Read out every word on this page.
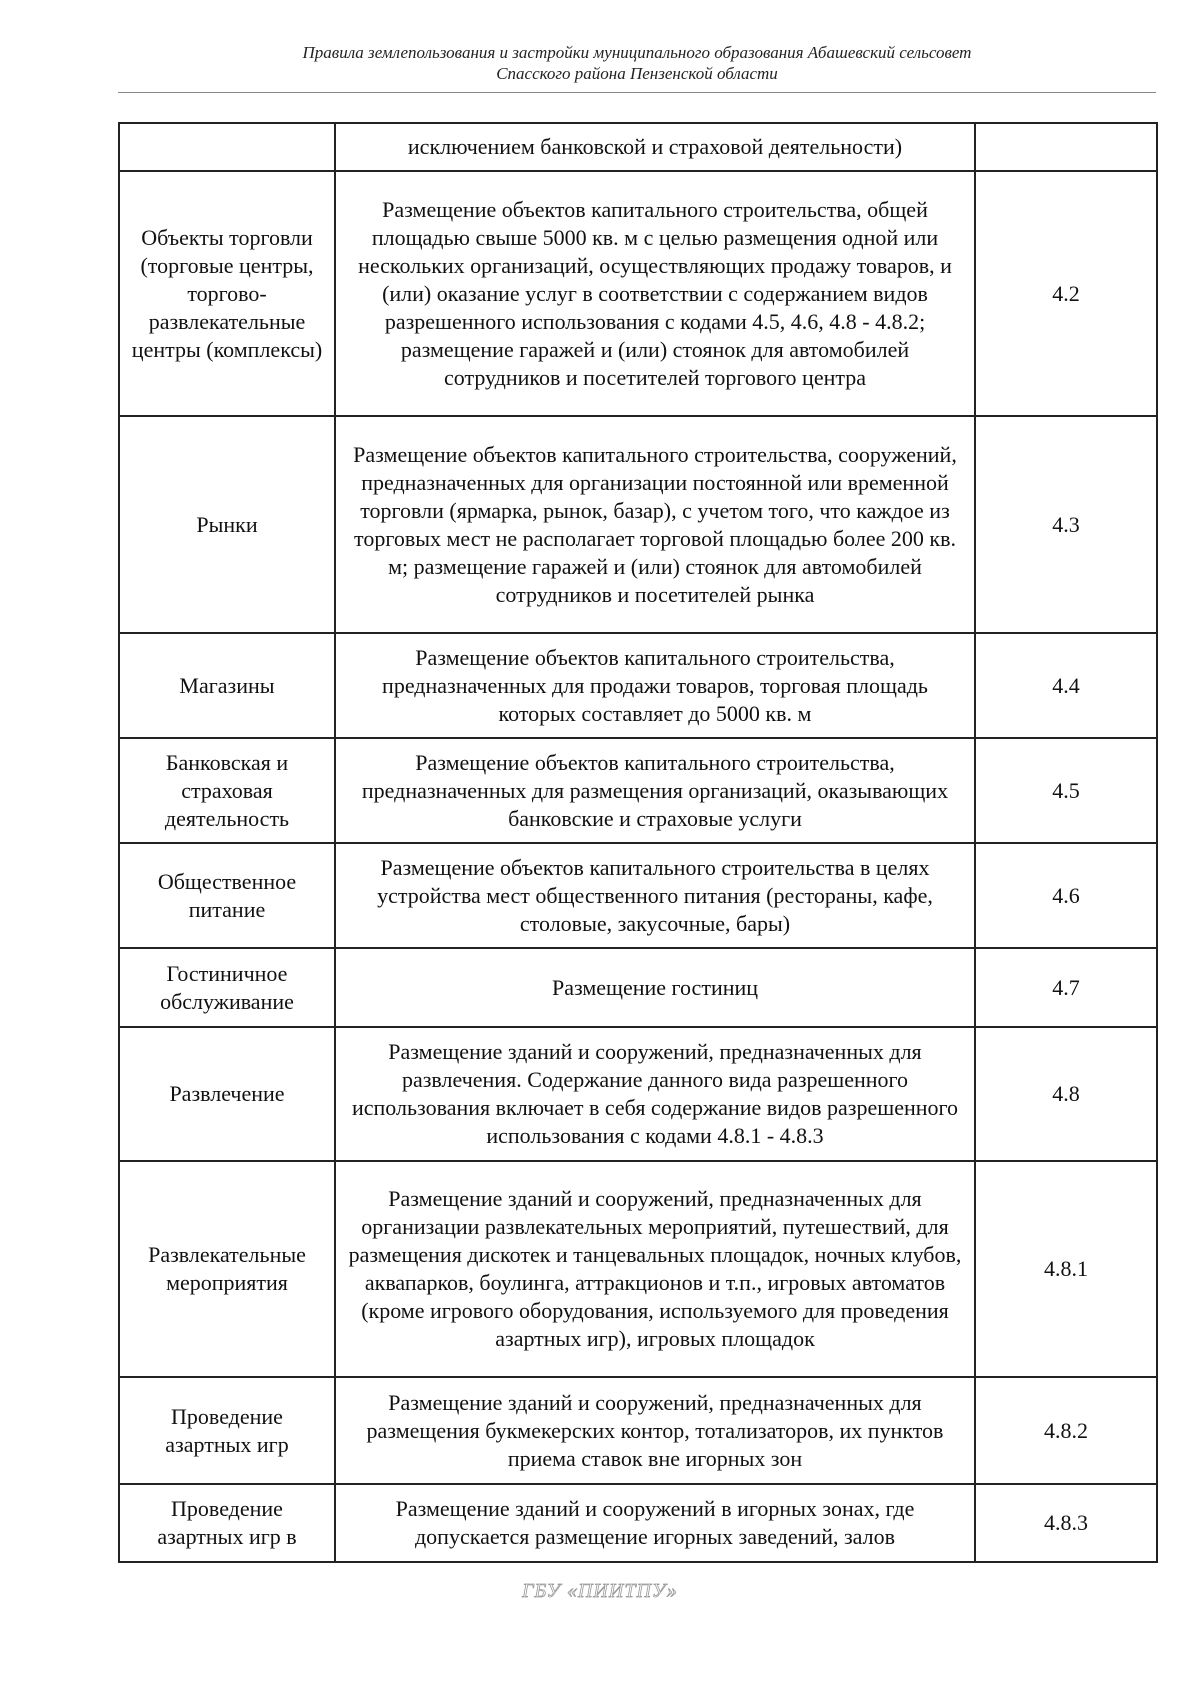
Правила землепользования и застройки муниципального образования Абашевский сельсовет
Спасского района Пензенской области
	исключением банковской и страховой деятельности)	
Объекты торговли (торговые центры, торгово-развлекательные центры (комплексы)	Размещение объектов капитального строительства, общей площадью свыше 5000 кв. м с целью размещения одной или нескольких организаций, осуществляющих продажу товаров, и (или) оказание услуг в соответствии с содержанием видов разрешенного использования с кодами 4.5, 4.6, 4.8 - 4.8.2; размещение гаражей и (или) стоянок для автомобилей сотрудников и посетителей торгового центра	4.2
Рынки	Размещение объектов капитального строительства, сооружений, предназначенных для организации постоянной или временной торговли (ярмарка, рынок, базар), с учетом того, что каждое из торговых мест не располагает торговой площадью более 200 кв. м; размещение гаражей и (или) стоянок для автомобилей сотрудников и посетителей рынка	4.3
Магазины	Размещение объектов капитального строительства, предназначенных для продажи товаров, торговая площадь которых составляет до 5000 кв. м	4.4
Банковская и страховая деятельность	Размещение объектов капитального строительства, предназначенных для размещения организаций, оказывающих банковские и страховые услуги	4.5
Общественное питание	Размещение объектов капитального строительства в целях устройства мест общественного питания (рестораны, кафе, столовые, закусочные, бары)	4.6
Гостиничное обслуживание	Размещение гостиниц	4.7
Развлечение	Размещение зданий и сооружений, предназначенных для развлечения. Содержание данного вида разрешенного использования включает в себя содержание видов разрешенного использования с кодами 4.8.1 - 4.8.3	4.8
Развлекательные мероприятия	Размещение зданий и сооружений, предназначенных для организации развлекательных мероприятий, путешествий, для размещения дискотек и танцевальных площадок, ночных клубов, аквапарков, боулинга, аттракционов и т.п., игровых автоматов (кроме игрового оборудования, используемого для проведения азартных игр), игровых площадок	4.8.1
Проведение азартных игр	Размещение зданий и сооружений, предназначенных для размещения букмекерских контор, тотализаторов, их пунктов приема ставок вне игорных зон	4.8.2
Проведение азартных игр в	Размещение зданий и сооружений в игорных зонах, где допускается размещение игорных заведений, залов	4.8.3
ГБУ «ПИИТПУ»
